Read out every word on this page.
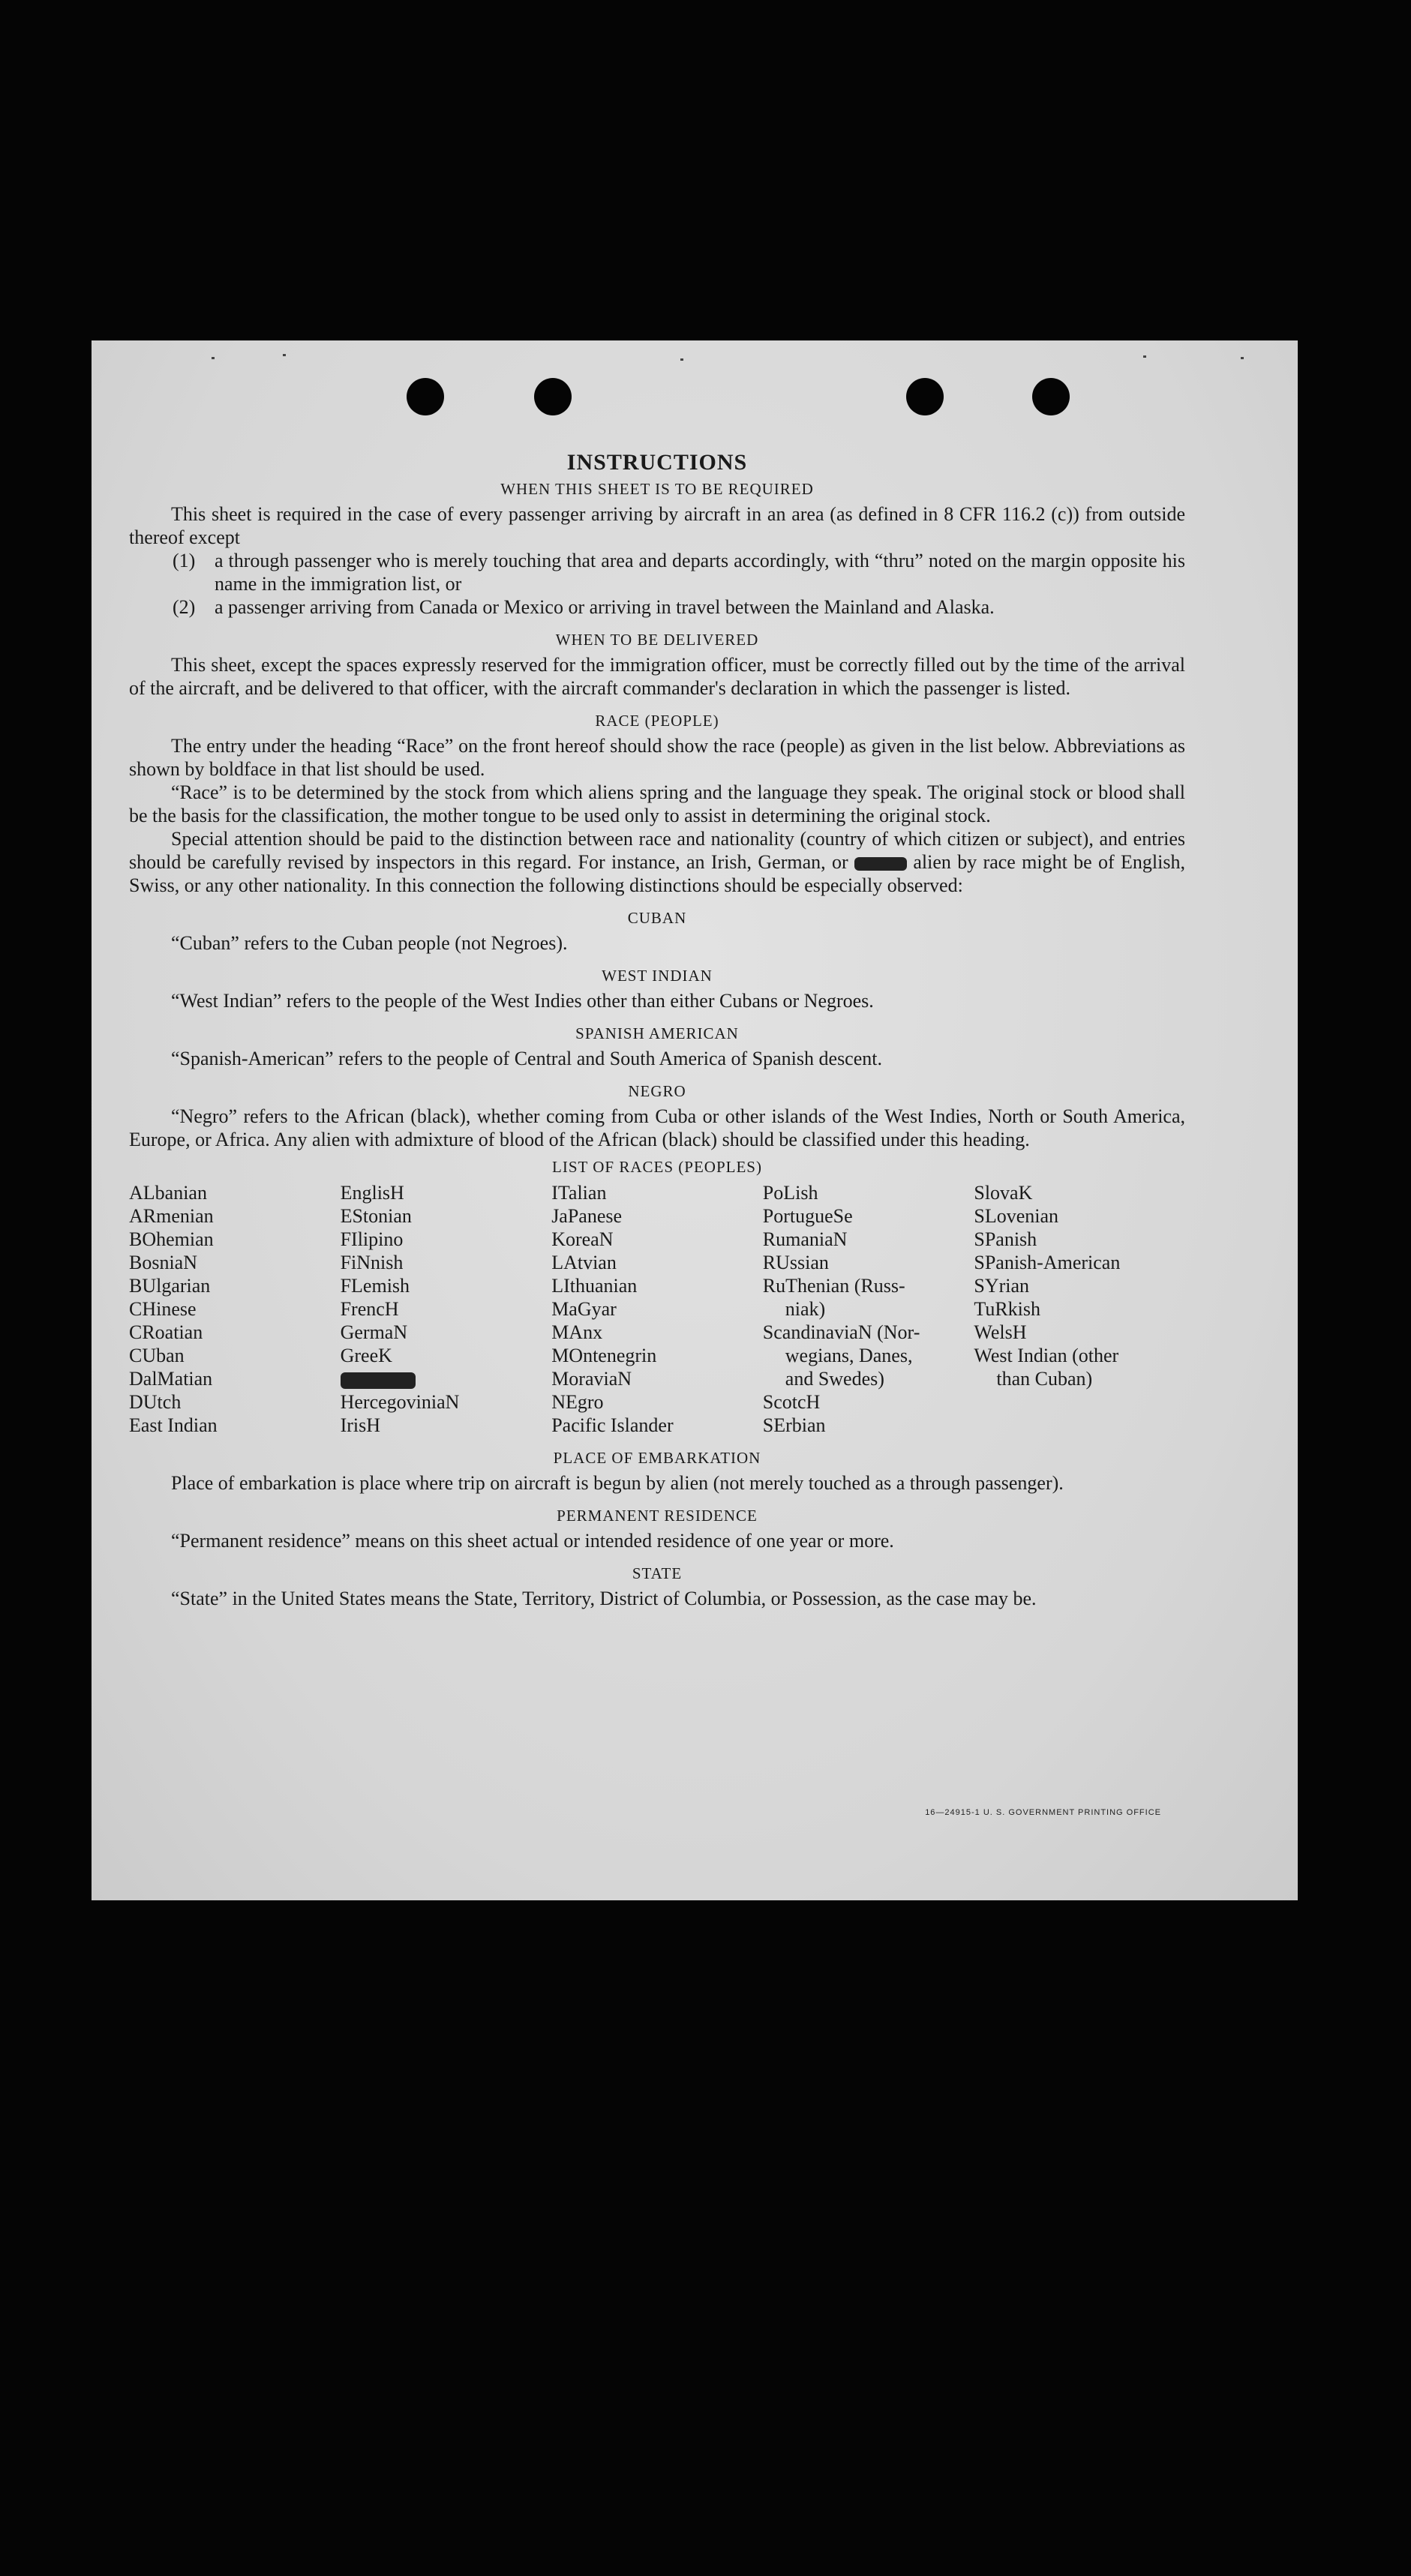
INSTRUCTIONS
WHEN THIS SHEET IS TO BE REQUIRED

This sheet is required in the case of every passenger arriving by aircraft in an area (as defined in 8 CFR 116.2 (c)) from outside thereof except

(1) a through passenger who is merely touching that area and departs accordingly, with “thru” noted on the margin opposite his name in the immigration list, or

(2) a passenger arriving from Canada or Mexico or arriving in travel between the Mainland and Alaska.

WHEN TO BE DELIVERED

This sheet, except the spaces expressly reserved for the immigration officer, must be correctly filled out by the time of the arrival of the aircraft, and be delivered to that officer, with the aircraft commander's declaration in which the passenger is listed.

RACE (PEOPLE)

The entry under the heading “Race” on the front hereof should show the race (people) as given in the list below. Abbreviations as shown by boldface in that list should be used.

“Race” is to be determined by the stock from which aliens spring and the language they speak. The original stock or blood shall be the basis for the classification, the mother tongue to be used only to assist in determining the original stock.

Special attention should be paid to the distinction between race and nationality (country of which citizen or subject), and entries should be carefully revised by inspectors in this regard. For instance, an Irish, German, or	alien by race might be of English, Swiss, or any other nationality. In this connection the following distinctions should be especially observed:

CUBAN

“Cuban” refers to the Cuban people (not Negroes).

WEST INDIAN

“West Indian” refers to the people of the West Indies other than either Cubans or Negroes.

SPANISH AMERICAN

“Spanish-American” refers to the people of Central and South America of Spanish descent.

NEGRO

“Negro” refers to the African (black), whether coming from Cuba or other islands of the West Indies, North or South America, Europe, or Africa. Any alien with admixture of blood of the African (black) should be classified under this heading.

LIST OF RACES (PEOPLES)
ALbanian
ARmenian
BOhemian
BosniaN
BUlgarian
CHinese
CRoatian
CUban
DalMatian
DUtch
East Indian
EnglisH
EStonian
FIlipino
FiNnish
FLemish
FrencH
GermaN
GreeK
HercegoviniaN
IrisH
ITalian
JaPanese
KoreaN
LAtvian
LIthuanian
MaGyar
MAnx
MOntenegrin
MoraviaN
NEgro
Pacific Islander
PoLish
PortugueSe
RumaniaN
RUssian
RuThenian (Russ-
niak)
ScandinaviaN (Nor-
wegians, Danes,
and Swedes)
ScotcH
SErbian
SlovaK
SLovenian
SPanish
SPanish-American
SYrian
TuRkish
WelsH
West Indian (other
than Cuban)
PLACE OF EMBARKATION

Place of embarkation is place where trip on aircraft is begun by alien (not merely touched as a through passenger).

PERMANENT RESIDENCE

“Permanent residence” means on this sheet actual or intended residence of one year or more.

STATE

“State” in the United States means the State, Territory, District of Columbia, or Possession, as the case may be.

16—24915-1 U. S. GOVERNMENT PRINTING OFFICE
